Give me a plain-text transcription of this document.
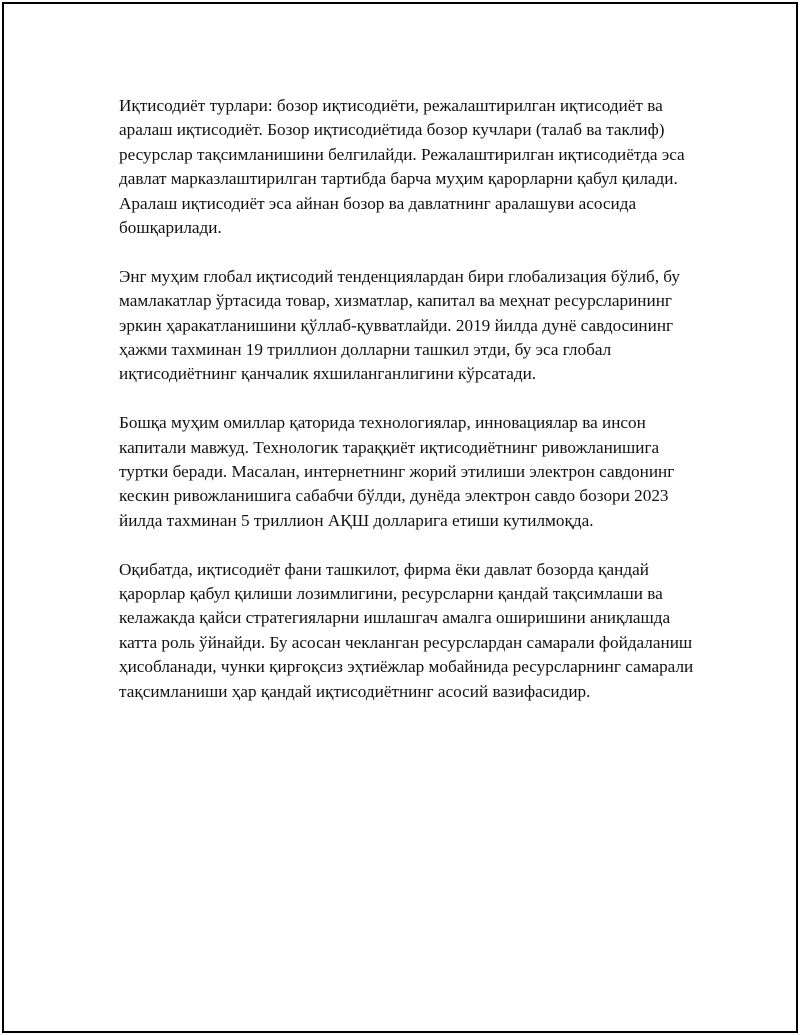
Иқтисодиёт турлари: бозор иқтисодиёти, режалаштирилган иқтисодиёт ва аралаш иқтисодиёт. Бозор иқтисодиётида бозор кучлари (талаб ва таклиф) ресурслар тақсимланишини белгилайди. Режалаштирилган иқтисодиётда эса давлат марказлаштирилган тартибда барча муҳим қарорларни қабул қилади. Аралаш иқтисодиёт эса айнан бозор ва давлатнинг аралашуви асосида бошқарилади.

Энг муҳим глобал иқтисодий тенденциялардан бири глобализация бўлиб, бу мамлакатлар ўртасида товар, хизматлар, капитал ва меҳнат ресурсларининг эркин ҳаракатланишини қўллаб-қувватлайди. 2019 йилда дунё савдосининг ҳажми тахминан 19 триллион долларни ташкил этди, бу эса глобал иқтисодиётнинг қанчалик яхшиланганлигини кўрсатади.

Бошқа муҳим омиллар қаторида технологиялар, инновациялар ва инсон капитали мавжуд. Технологик тараққиёт иқтисодиётнинг ривожланишига туртки беради. Масалан, интернетнинг жорий этилиши электрон савдонинг кескин ривожланишига сабабчи бўлди, дунёда электрон савдо бозори 2023 йилда тахминан 5 триллион АҚШ долларига етиши кутилмоқда.

Оқибатда, иқтисодиёт фани ташкилот, фирма ёки давлат бозорда қандай қарорлар қабул қилиши лозимлигини, ресурсларни қандай тақсимлаши ва келажакда қайси стратегияларни ишлашгач амалга оширишини аниқлашда катта роль ўйнайди. Бу асосан чекланган ресурслардан самарали фойдаланиш ҳисобланади, чунки қирғоқсиз эҳтиёжлар мобайнида ресурсларнинг самарали тақсимланиши ҳар қандай иқтисодиётнинг асосий вазифасидир.
